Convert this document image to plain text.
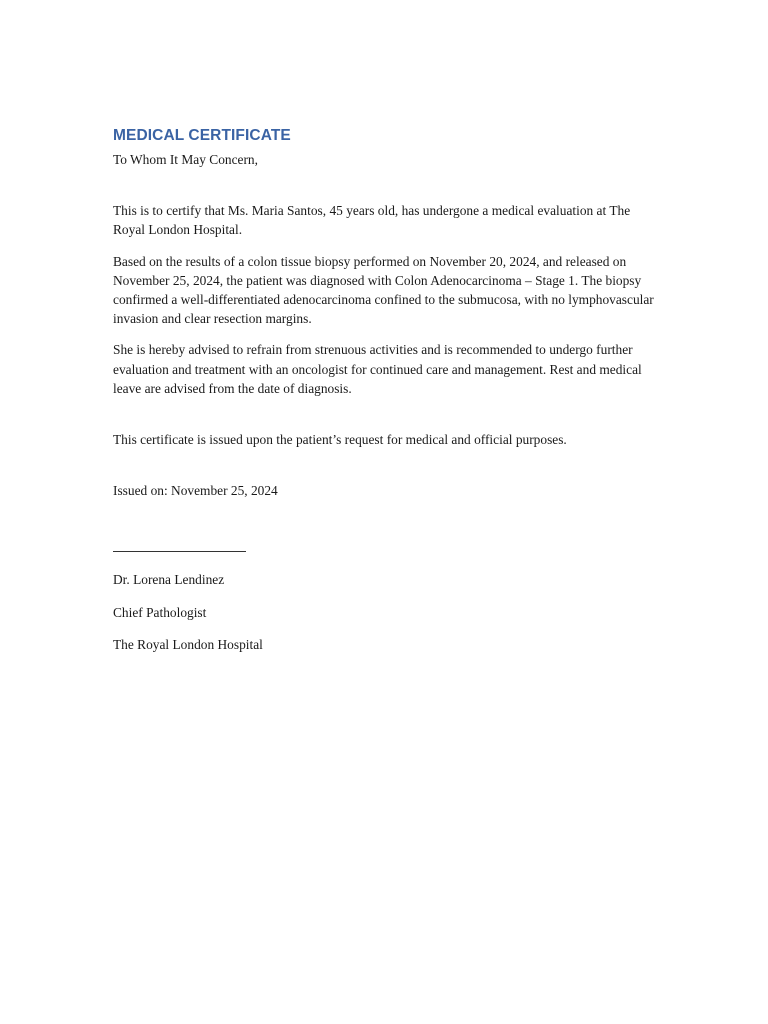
MEDICAL CERTIFICATE

To Whom It May Concern,

This is to certify that Ms. Maria Santos, 45 years old, has undergone a medical evaluation at The Royal London Hospital.

Based on the results of a colon tissue biopsy performed on November 20, 2024, and released on November 25, 2024, the patient was diagnosed with Colon Adenocarcinoma – Stage 1. The biopsy confirmed a well-differentiated adenocarcinoma confined to the submucosa, with no lymphovascular invasion and clear resection margins.

She is hereby advised to refrain from strenuous activities and is recommended to undergo further evaluation and treatment with an oncologist for continued care and management. Rest and medical leave are advised from the date of diagnosis.

This certificate is issued upon the patient’s request for medical and official purposes.

Issued on: November 25, 2024

Dr. Lorena Lendinez

Chief Pathologist

The Royal London Hospital
